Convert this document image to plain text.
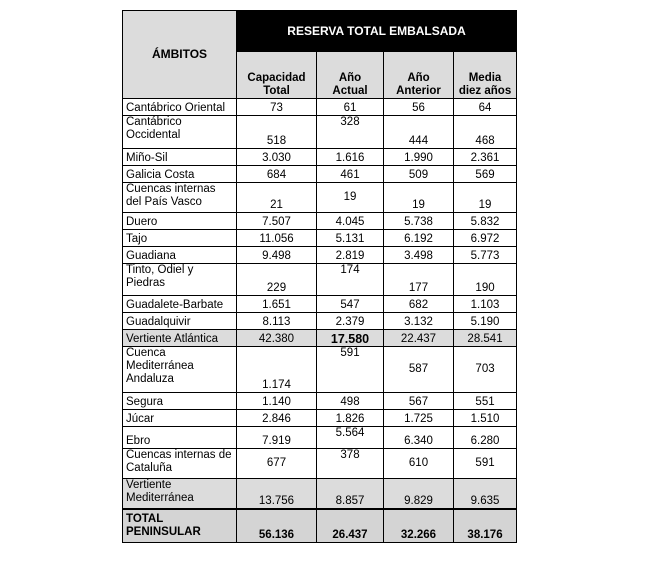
ÁMBITOS	RESERVA TOTAL EMBALSADA			
	Capacidad Total	Año Actual	Año Anterior	Media diez años
Cantábrico Oriental	73	61	56	64
Cantábrico Occidental	518	328	444	468
Miño-Sil	3.030	1.616	1.990	2.361
Galicia Costa	684	461	509	569
Cuencas internas del País Vasco	21	19	19	19
Duero	7.507	4.045	5.738	5.832
Tajo	11.056	5.131	6.192	6.972
Guadiana	9.498	2.819	3.498	5.773
Tinto, Odiel y Piedras	229	174	177	190
Guadalete-Barbate	1.651	547	682	1.103
Guadalquivir	8.113	2.379	3.132	5.190
Vertiente Atlántica	42.380	17.580	22.437	28.541
Cuenca Mediterránea Andaluza	1.174	591	587	703
Segura	1.140	498	567	551
Júcar	2.846	1.826	1.725	1.510
Ebro	7.919	5.564	6.340	6.280
Cuencas internas de Cataluña	677	378	610	591
Vertiente Mediterránea	13.756	8.857	9.829	9.635
TOTAL PENINSULAR	56.136	26.437	32.266	38.176
